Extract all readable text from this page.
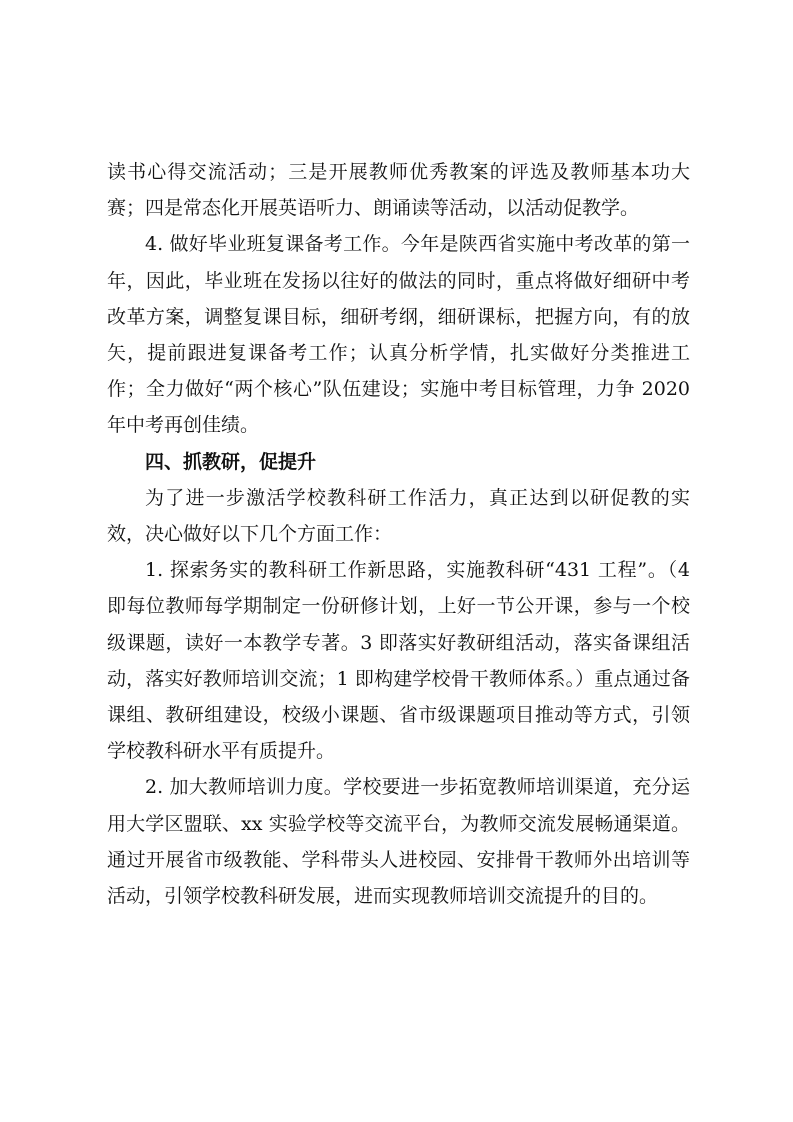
读书心得交流活动；三是开展教师优秀教案的评选及教师基本功大赛；四是常态化开展英语听力、朗诵读等活动，以活动促教学。

4. 做好毕业班复课备考工作。今年是陕西省实施中考改革的第一年，因此，毕业班在发扬以往好的做法的同时，重点将做好细研中考改革方案，调整复课目标，细研考纲，细研课标，把握方向，有的放矢，提前跟进复课备考工作；认真分析学情，扎实做好分类推进工作；全力做好“两个核心”队伍建设；实施中考目标管理，力争 2020 年中考再创佳绩。

四、抓教研，促提升

为了进一步激活学校教科研工作活力，真正达到以研促教的实效，决心做好以下几个方面工作：

1. 探索务实的教科研工作新思路，实施教科研“431 工程”。（4 即每位教师每学期制定一份研修计划，上好一节公开课，参与一个校级课题，读好一本教学专著。3 即落实好教研组活动，落实备课组活动，落实好教师培训交流；1 即构建学校骨干教师体系。）重点通过备课组、教研组建设，校级小课题、省市级课题项目推动等方式，引领学校教科研水平有质提升。

2. 加大教师培训力度。学校要进一步拓宽教师培训渠道，充分运用大学区盟联、xx 实验学校等交流平台，为教师交流发展畅通渠道。通过开展省市级教能、学科带头人进校园、安排骨干教师外出培训等活动，引领学校教科研发展，进而实现教师培训交流提升的目的。
